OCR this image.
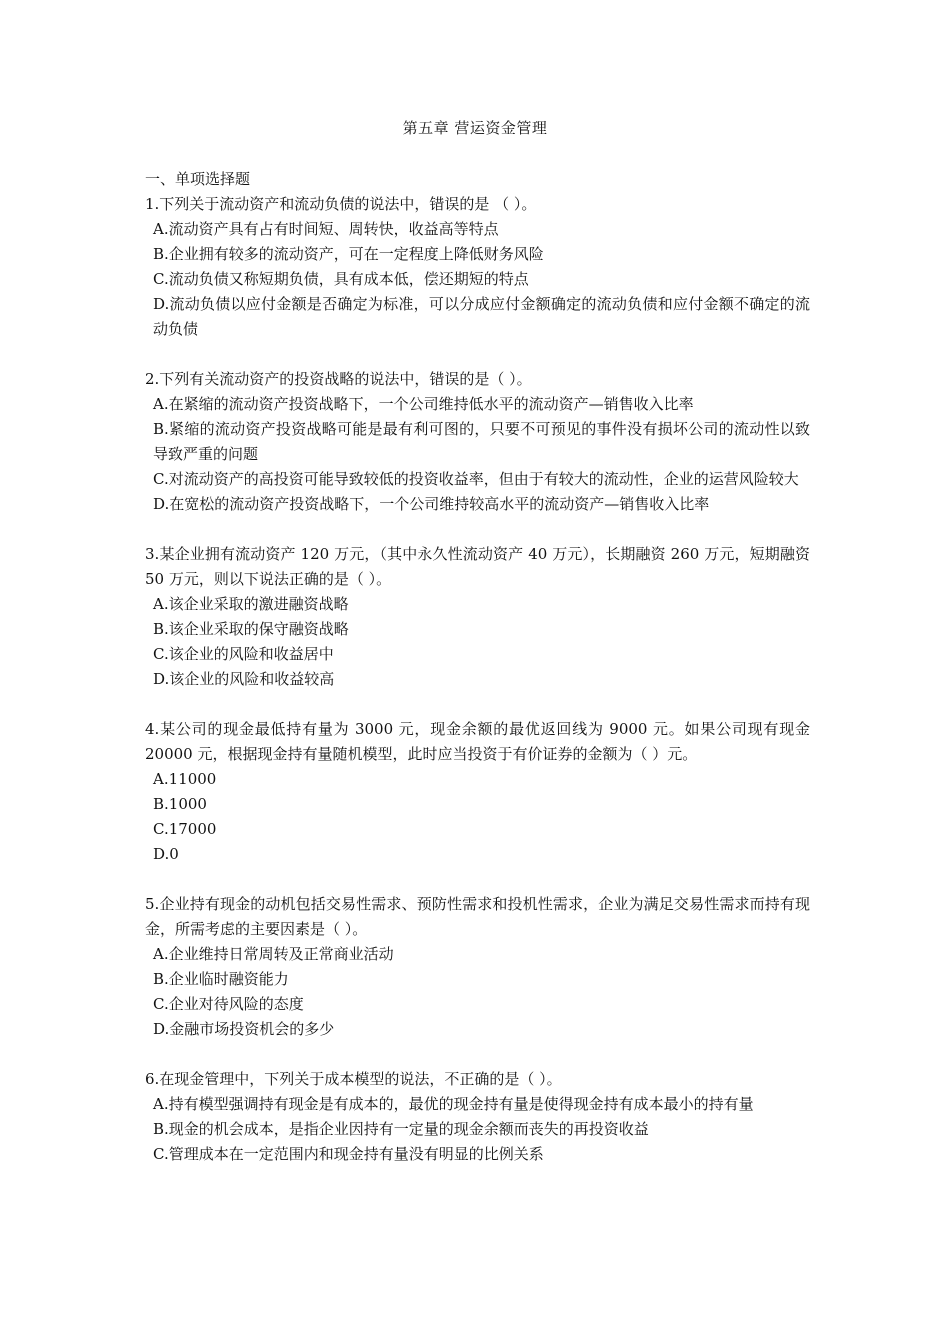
第五章 营运资金管理
一、单项选择题
1.下列关于流动资产和流动负债的说法中，错误的是 （ ）。
A.流动资产具有占有时间短、周转快，收益高等特点
B.企业拥有较多的流动资产，可在一定程度上降低财务风险
C.流动负债又称短期负债，具有成本低，偿还期短的特点
D.流动负债以应付金额是否确定为标准，可以分成应付金额确定的流动负债和应付金额不确定的流动负债
2.下列有关流动资产的投资战略的说法中，错误的是（ ）。
A.在紧缩的流动资产投资战略下，一个公司维持低水平的流动资产—销售收入比率
B.紧缩的流动资产投资战略可能是最有利可图的，只要不可预见的事件没有损坏公司的流动性以致导致严重的问题
C.对流动资产的高投资可能导致较低的投资收益率，但由于有较大的流动性，企业的运营风险较大
D.在宽松的流动资产投资战略下，一个公司维持较高水平的流动资产—销售收入比率
3.某企业拥有流动资产 120 万元，（其中永久性流动资产 40 万元），长期融资 260 万元，短期融资 50 万元，则以下说法正确的是（ ）。
A.该企业采取的激进融资战略
B.该企业采取的保守融资战略
C.该企业的风险和收益居中
D.该企业的风险和收益较高
4.某公司的现金最低持有量为 3000 元，现金余额的最优返回线为 9000 元。如果公司现有现金 20000 元，根据现金持有量随机模型，此时应当投资于有价证券的金额为（ ）元。
A.11000
B.1000
C.17000
D.0
5.企业持有现金的动机包括交易性需求、预防性需求和投机性需求，企业为满足交易性需求而持有现金，所需考虑的主要因素是（ ）。
A.企业维持日常周转及正常商业活动
B.企业临时融资能力
C.企业对待风险的态度
D.金融市场投资机会的多少
6.在现金管理中，下列关于成本模型的说法，不正确的是（ ）。
A.持有模型强调持有现金是有成本的，最优的现金持有量是使得现金持有成本最小的持有量
B.现金的机会成本，是指企业因持有一定量的现金余额而丧失的再投资收益
C.管理成本在一定范围内和现金持有量没有明显的比例关系
